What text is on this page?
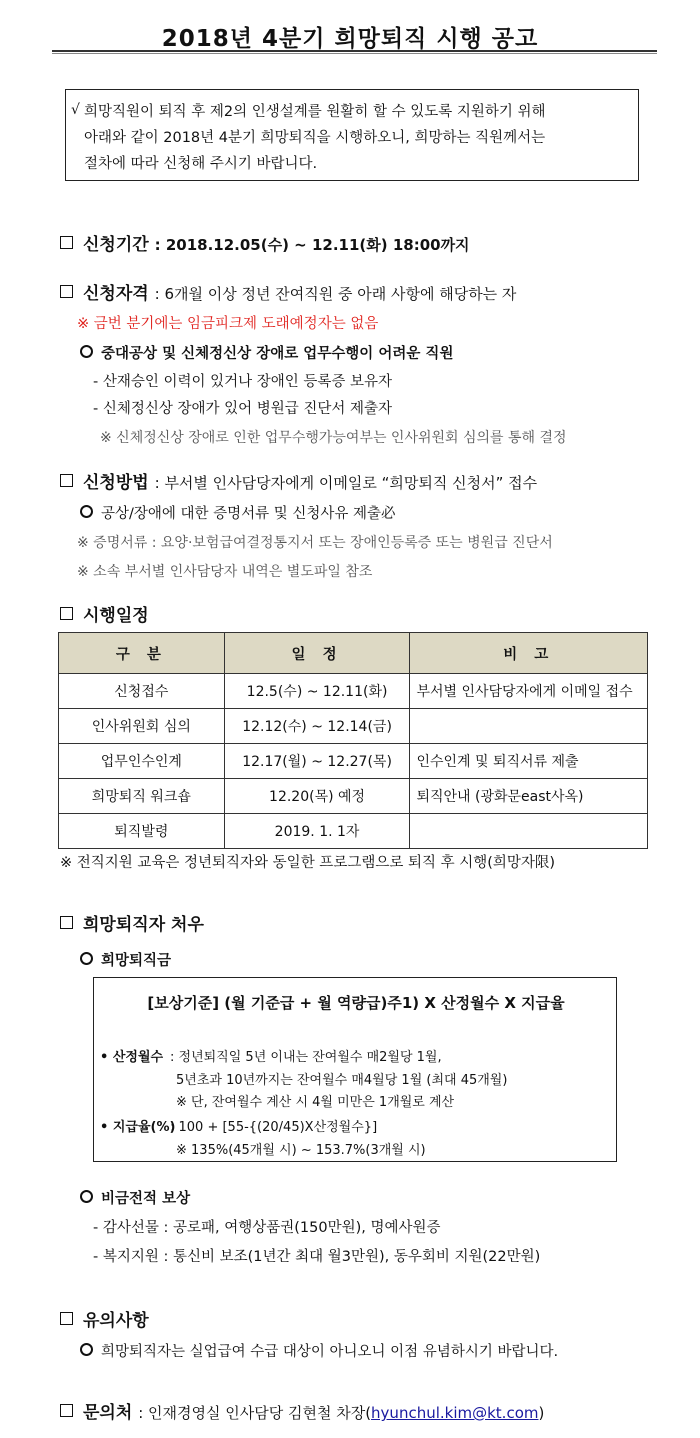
2018년 4분기 희망퇴직 시행 공고
√ 희망직원이 퇴직 후 제2의 인생설계를 원활히 할 수 있도록 지원하기 위해
아래와 같이 2018년 4분기 희망퇴직을 시행하오니, 희망하는 직원께서는
절차에 따라 신청해 주시기 바랍니다.
신청기간 : 2018.12.05(수) ~ 12.11(화) 18:00까지
신청자격 : 6개월 이상 정년 잔여직원 중 아래 사항에 해당하는 자
※ 금번 분기에는 임금피크제 도래예정자는 없음
중대공상 및 신체정신상 장애로 업무수행이 어려운 직원
- 산재승인 이력이 있거나 장애인 등록증 보유자
- 신체정신상 장애가 있어 병원급 진단서 제출자
※ 신체정신상 장애로 인한 업무수행가능여부는 인사위원회 심의를 통해 결정
신청방법 : 부서별 인사담당자에게 이메일로 “희망퇴직 신청서” 접수
공상/장애에 대한 증명서류 및 신청사유 제출必
※ 증명서류 : 요양·보험급여결정통지서 또는 장애인등록증 또는 병원급 진단서
※ 소속 부서별 인사담당자 내역은 별도파일 참조
시행일정
구 분	일 정	비 고
신청접수	12.5(수) ~ 12.11(화)	부서별 인사담당자에게 이메일 접수
인사위원회 심의	12.12(수) ~ 12.14(금)	
업무인수인계	12.17(월) ~ 12.27(목)	인수인계 및 퇴직서류 제출
희망퇴직 워크숍	12.20(목) 예정	퇴직안내 (광화문east사옥)
퇴직발령	2019. 1. 1자	
※ 전직지원 교육은 정년퇴직자와 동일한 프로그램으로 퇴직 후 시행(희망자限)
희망퇴직자 처우
희망퇴직금
[보상기준] (월 기준급 + 월 역량급)주1) X 산정월수 X 지급율
• 산정월수 : 정년퇴직일 5년 이내는 잔여월수 매2월당 1월,
5년초과 10년까지는 잔여월수 매4월당 1월 (최대 45개월)
※ 단, 잔여월수 계산 시 4월 미만은 1개월로 계산
• 지급율(%)
: 100 + [55-{(20/45)X산정월수}]
※ 135%(45개월 시) ~ 153.7%(3개월 시)
비금전적 보상
- 감사선물 : 공로패, 여행상품권(150만원), 명예사원증
- 복지지원 : 통신비 보조(1년간 최대 월3만원), 동우회비 지원(22만원)
유의사항
희망퇴직자는 실업급여 수급 대상이 아니오니 이점 유념하시기 바랍니다.
문의처 : 인재경영실 인사담당 김현철 차장(hyunchul.kim@kt.com)
